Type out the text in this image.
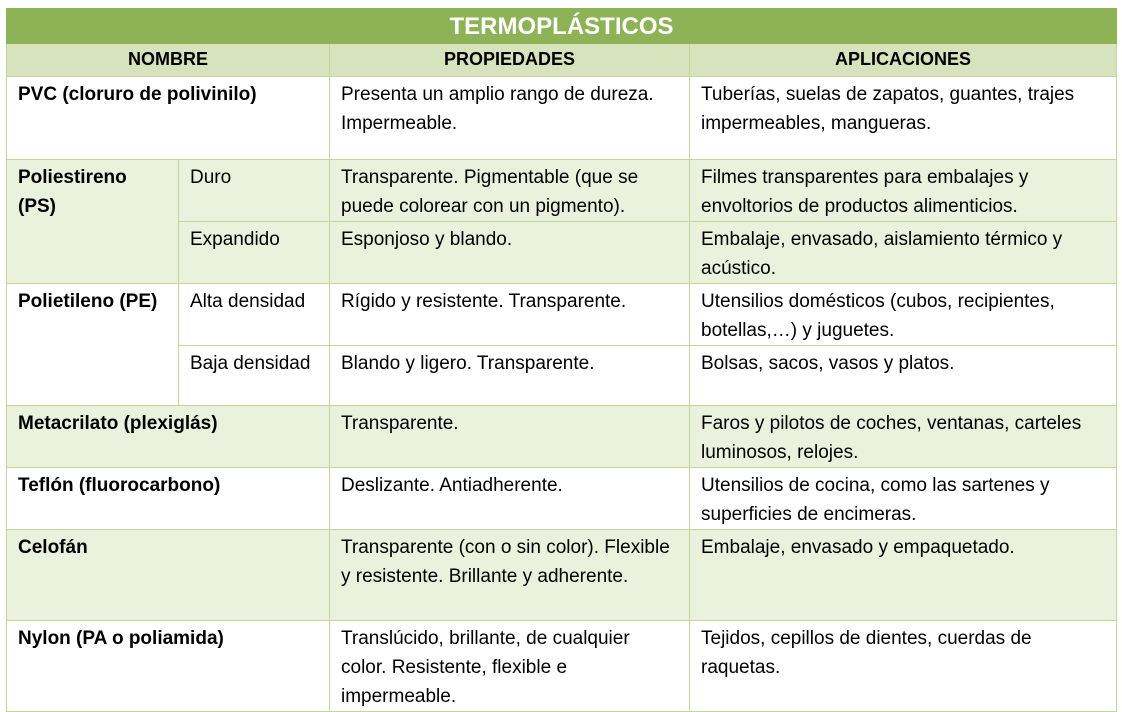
TERMOPLÁSTICOS			
NOMBRE		PROPIEDADES	APLICACIONES
PVC (cloruro de polivinilo)		Presenta un amplio rango de dureza. Impermeable.	Tuberías, suelas de zapatos, guantes, trajes impermeables, mangueras.
Poliestireno (PS)	Duro	Transparente. Pigmentable (que se puede colorear con un pigmento).	Filmes transparentes para embalajes y envoltorios de productos alimenticios.
	Expandido	Esponjoso y blando.	Embalaje, envasado, aislamiento térmico y acústico.
Polietileno (PE)	Alta densidad	Rígido y resistente. Transparente.	Utensilios domésticos (cubos, recipientes, botellas,…) y juguetes.
	Baja densidad	Blando y ligero. Transparente.	Bolsas, sacos, vasos y platos.
Metacrilato (plexiglás)		Transparente.	Faros y pilotos de coches, ventanas, carteles luminosos, relojes.
Teflón (fluorocarbono)		Deslizante. Antiadherente.	Utensilios de cocina, como las sartenes y superficies de encimeras.
Celofán		Transparente (con o sin color). Flexible y resistente. Brillante y adherente.	Embalaje, envasado y empaquetado.
Nylon (PA o poliamida)		Translúcido, brillante, de cualquier color. Resistente, flexible e impermeable.	Tejidos, cepillos de dientes, cuerdas de raquetas.
